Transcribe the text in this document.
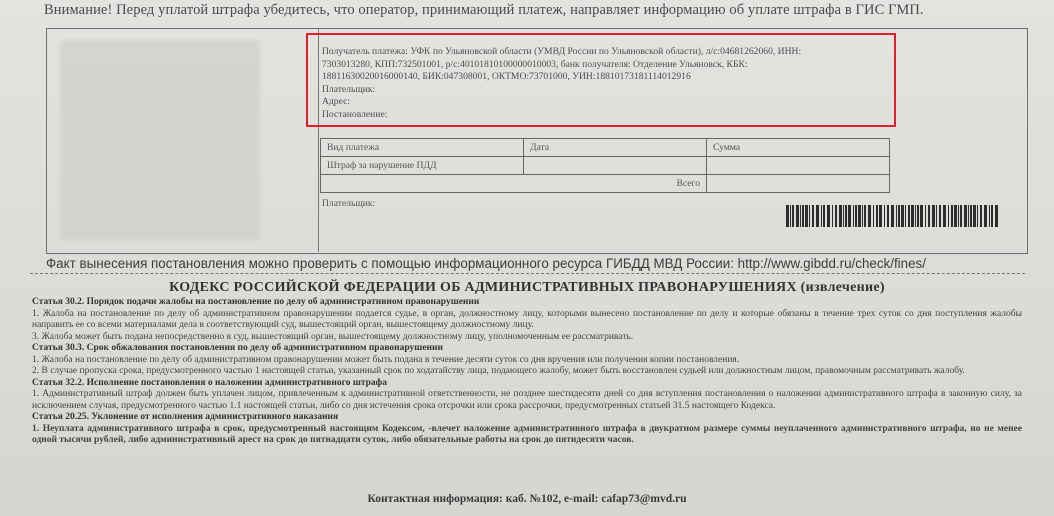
Внимание! Перед уплатой штрафа убедитесь, что оператор, принимающий платеж, направляет информацию об уплате штрафа в ГИС ГМП.
Получатель платежа: УФК по Ульяновской области (УМВД России по Ульяновской области), л/с:04681262060, ИНН:
7303013280, КПП:732501001, р/с:40101810100000010003, банк получателя: Отделение Ульяновск, КБК:
18811630020016000140, БИК:047308001, ОКТМО:73701000, УИН:18810173181114012916
Плательщик:
Адрес:
Постановление:
Вид платежа	Дата	Сумма
Штраф за нарушение ПДД		
Всего		
Плательщик:
Факт вынесения постановления можно проверить с помощью информационного ресурса ГИБДД МВД России: http://www.gibdd.ru/check/fines/
КОДЕКС РОССИЙСКОЙ ФЕДЕРАЦИИ ОБ АДМИНИСТРАТИВНЫХ ПРАВОНАРУШЕНИЯХ (извлечение)

Статья 30.2. Порядок подачи жалобы на постановление по делу об административном правонарушении

1. Жалоба на постановление по делу об административном правонарушении подается судье, в орган, должностному лицу, которыми вынесено постановление по делу и которые обязаны в течение трех суток со дня поступления жалобы направить ее со всеми материалами дела в соответствующий суд, вышестоящий орган, вышестоящему должностному лицу.

3. Жалоба может быть подана непосредственно в суд, вышестоящий орган, вышестоящему должностному лицу, уполномоченным ее рассматривать.

Статья 30.3. Срок обжалования постановления по делу об административном правонарушении

1. Жалоба на постановление по делу об административном правонарушении может быть подана в течение десяти суток со дня вручения или получения копии постановления.

2. В случае пропуска срока, предусмотренного частью 1 настоящей статьи, указанный срок по ходатайству лица, подающего жалобу, может быть восстановлен судьей или должностным лицом, правомочным рассматривать жалобу.

Статья 32.2. Исполнение постановления о наложении административного штрафа

1. Административный штраф должен быть уплачен лицом, привлеченным к административной ответственности, не позднее шестидесяти дней со дня вступления постановления о наложении административного штрафа в законную силу, за исключением случая, предусмотренного частью 1.1 настоящей статьи, либо со дня истечения срока отсрочки или срока рассрочки, предусмотренных статьей 31.5 настоящего Кодекса.

Статья 20.25. Уклонение от исполнения административного наказания

1. Неуплата административного штрафа в срок, предусмотренный настоящим Кодексом, -влечет наложение административного штрафа в двукратном размере суммы неуплаченного административного штрафа, но не менее одной тысячи рублей, либо административный арест на срок до пятнадцати суток, либо обязательные работы на срок до пятидесяти часов.

Контактная информация: каб. №102, e-mail: cafap73@mvd.ru
